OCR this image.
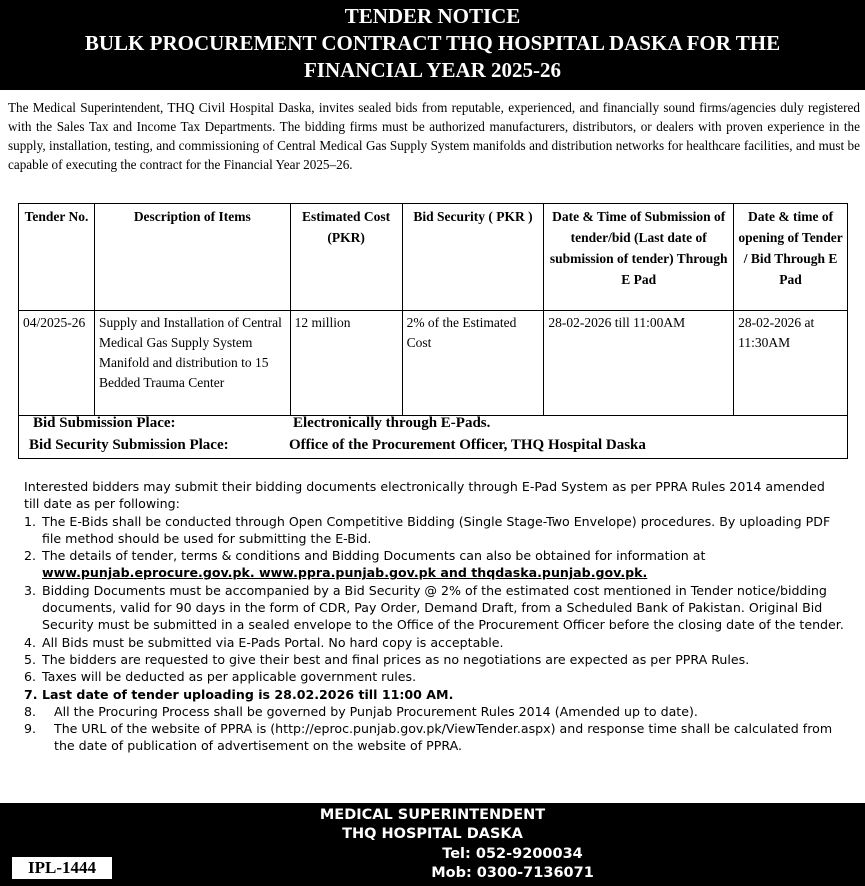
TENDER NOTICE
BULK PROCUREMENT CONTRACT THQ HOSPITAL DASKA FOR THE
FINANCIAL YEAR 2025-26
The Medical Superintendent, THQ Civil Hospital Daska, invites sealed bids from reputable, experienced, and financially sound firms/agencies duly registered with the Sales Tax and Income Tax Departments. The bidding firms must be authorized manufacturers, distributors, or dealers with proven experience in the supply, installation, testing, and commissioning of Central Medical Gas Supply System manifolds and distribution networks for healthcare facilities, and must be capable of executing the contract for the Financial Year 2025–26.
Tender No.	Description of Items	Estimated Cost (PKR)	Bid Security ( PKR )	Date & Time of Submission of tender/bid (Last date of submission of tender) Through E Pad	Date & time of opening of Tender / Bid Through E Pad
04/2025-26	Supply and Installation of Central Medical Gas Supply System Manifold and distribution to 15 Bedded Trauma Center	12 million	2% of the Estimated Cost	28-02-2026 till 11:00AM	28-02-2026 at 11:30AM
Bid Submission Place:	Electronically through E-Pads.
Bid Security Submission Place:	Office of the Procurement Officer, THQ Hospital Daska

Interested bidders may submit their bidding documents electronically through E-Pad System as per PPRA Rules 2014 amended till date as per following:

1. The E-Bids shall be conducted through Open Competitive Bidding (Single Stage-Two Envelope) procedures. By uploading PDF file method should be used for submitting the E-Bid.
2. The details of tender, terms & conditions and Bidding Documents can also be obtained for information at
www.punjab.eprocure.gov.pk. www.ppra.punjab.gov.pk and thqdaska.punjab.gov.pk.
3. Bidding Documents must be accompanied by a Bid Security @ 2% of the estimated cost mentioned in Tender notice/bidding documents, valid for 90 days in the form of CDR, Pay Order, Demand Draft, from a Scheduled Bank of Pakistan. Original Bid Security must be submitted in a sealed envelope to the Office of the Procurement Officer before the closing date of the tender.
4. All Bids must be submitted via E-Pads Portal. No hard copy is acceptable.
5. The bidders are requested to give their best and final prices as no negotiations are expected as per PPRA Rules.
6. Taxes will be deducted as per applicable government rules.
7. Last date of tender uploading is 28.02.2026 till 11:00 AM.
8. All the Procuring Process shall be governed by Punjab Procurement Rules 2014 (Amended up to date).
9. The URL of the website of PPRA is (http://eproc.punjab.gov.pk/ViewTender.aspx) and response time shall be calculated from the date of publication of advertisement on the website of PPRA.
MEDICAL SUPERINTENDENT
THQ HOSPITAL DASKA
Tel: 052-9200034
Mob: 0300-7136071
IPL-1444
